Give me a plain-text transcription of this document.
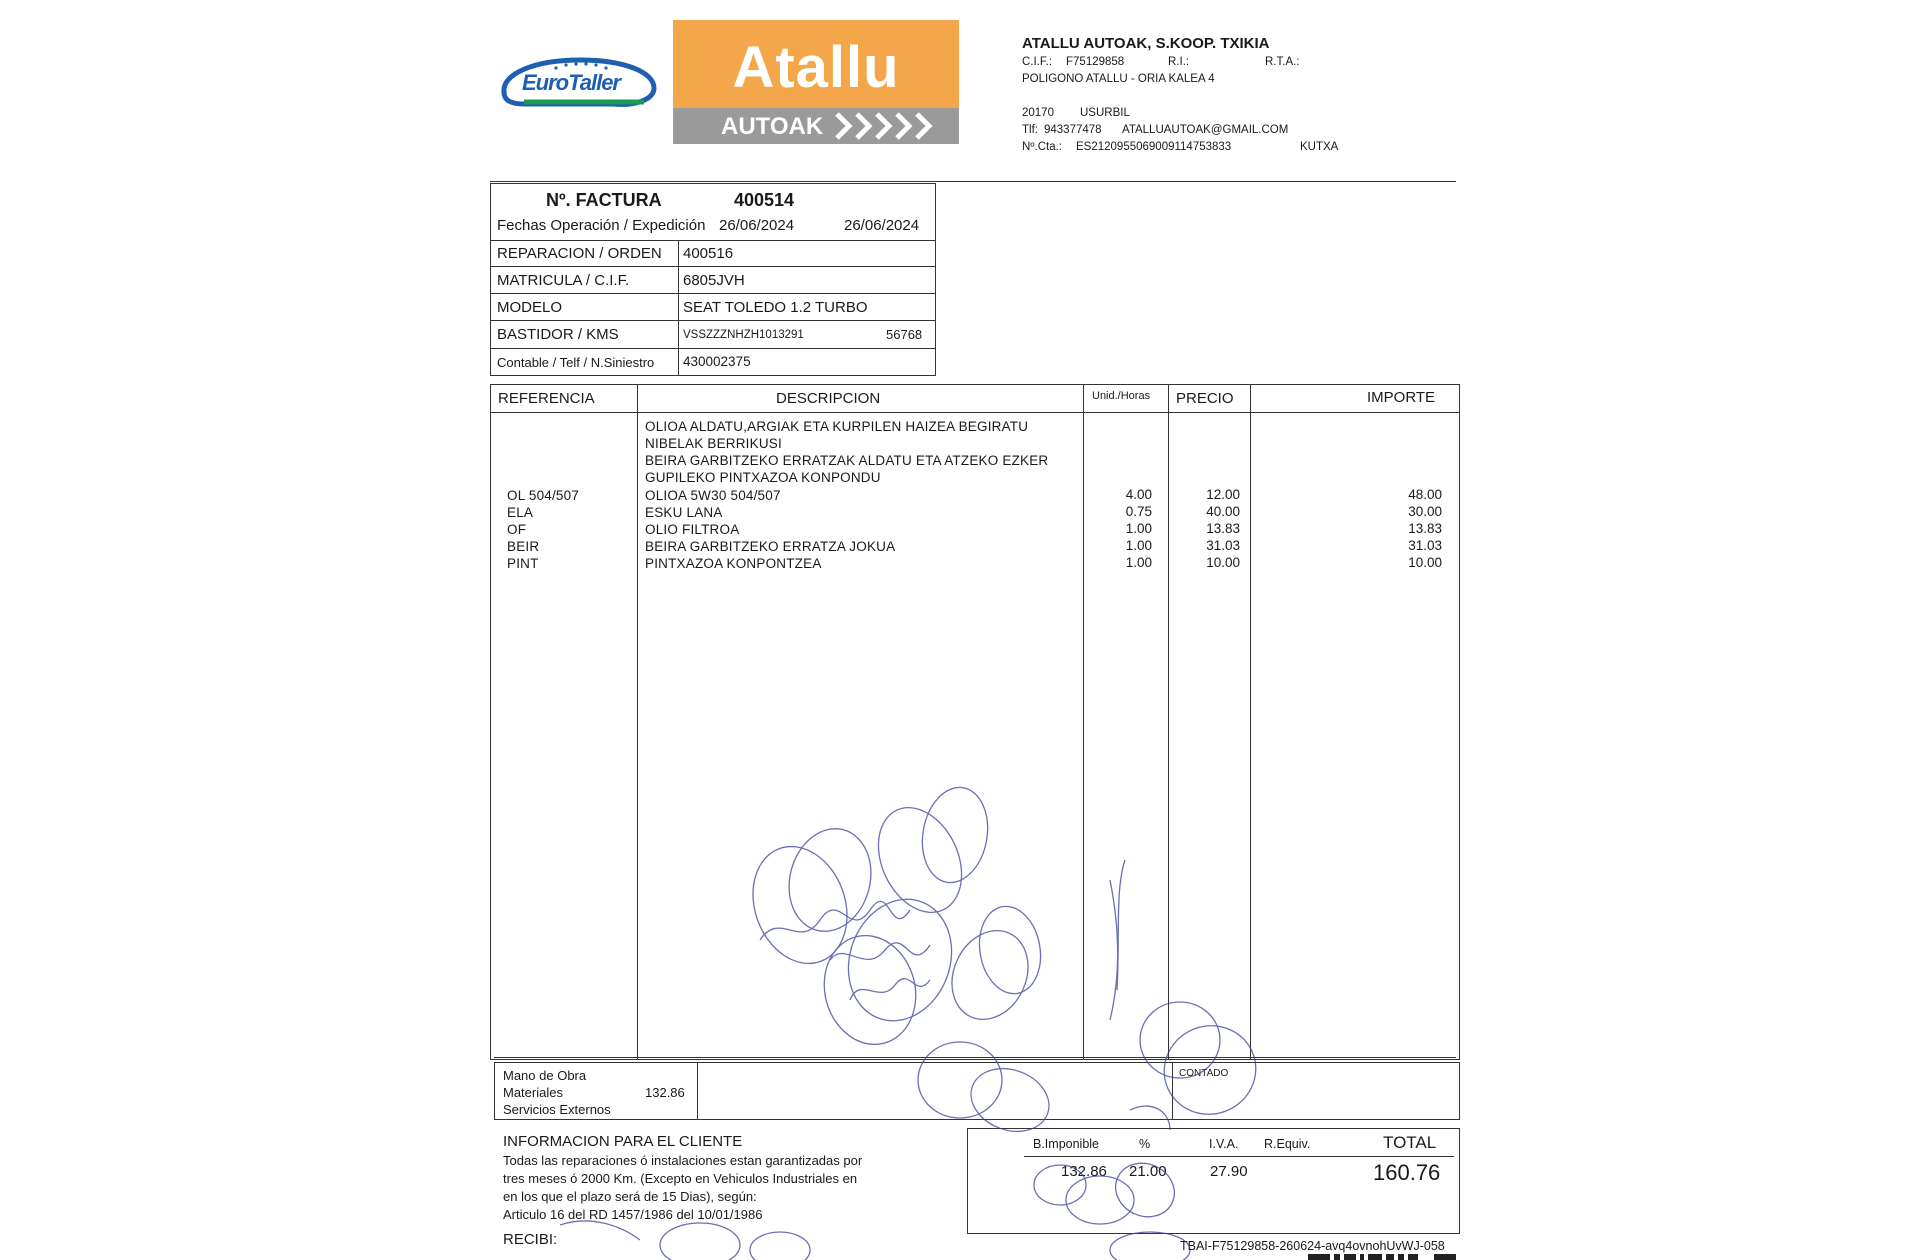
EuroTaller	Atallu
AUTOAK
ATALLU AUTOAK, S.KOOP. TXIKIA
C.I.F.: F75129858	R.I.:	R.T.A.:
POLIGONO ATALLU - ORIA KALEA 4
20170 USURBIL
Tlf: 943377478 ATALLUAUTOAK@GMAIL.COM
Nº.Cta.: ES2120955069009114753833	KUTXA
Nº. FACTURA	400514
Fechas Operación / Expedición 26/06/2024	26/06/2024
REPARACION / ORDEN 400516
MATRICULA / C.I.F.	6805JVH
MODELO	SEAT TOLEDO 1.2 TURBO
BASTIDOR / KMS	VSSZZZNHZH1013291	56768
Contable / Telf / N.Siniestro 430002375
REFERENCIA	DESCRIPCION	Unid./Horas PRECIO	IMPORTE
OLIOA ALDATU,ARGIAK ETA KURPILEN HAIZEA BEGIRATU
NIBELAK BERRIKUSI
BEIRA GARBITZEKO ERRATZAK ALDATU ETA ATZEKO EZKER
GUPILEKO PINTXAZOA KONPONDU
OL 504/507	OLIOA 5W30 504/507	4.00	12.00	48.00
ELA	ESKU LANA	0.75	40.00	30.00
OF	OLIO FILTROA	1.00	13.83	13.83
BEIR	BEIRA GARBITZEKO ERRATZA JOKUA	1.00	31.03	31.03
PINT	PINTXAZOA KONPONTZEA	1.00	10.00	10.00
Mano de Obra
Materiales	132.86
Servicios Externos
CONTADO
INFORMACION PARA EL CLIENTE
Todas las reparaciones ó instalaciones estan garantizadas por
tres meses ó 2000 Km. (Excepto en Vehiculos Industriales en
en los que el plazo será de 15 Dias), según:
Articulo 16 del RD 1457/1986 del 10/01/1986
RECIBI:
B.Imponible	%	I.V.A. R.Equiv.	TOTAL
132.86 21.00	27.90	160.76
TBAI-F75129858-260624-avq4ovnohUvWJ-058
